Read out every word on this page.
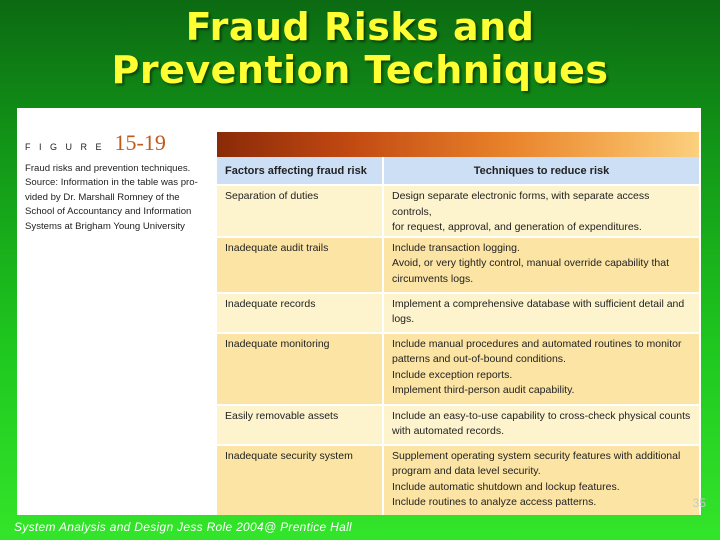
Fraud Risks and
Prevention Techniques
F I G U R E 15-19
Fraud risks and prevention techniques.
Source: Information in the table was pro-
vided by Dr. Marshall Romney of the
School of Accountancy and Information
Systems at Brigham Young University
Factors affecting fraud risk	Techniques to reduce risk
Separation of duties	Design separate electronic forms, with separate access controls,
for request, approval, and generation of expenditures.

Inadequate audit trails	Include transaction logging.
Avoid, or very tightly control, manual override capability that
circumvents logs.

Inadequate records	Implement a comprehensive database with sufficient detail and
logs.

Inadequate monitoring	Include manual procedures and automated routines to monitor
patterns and out-of-bound conditions.
Include exception reports.
Implement third-person audit capability.

Easily removable assets	Include an easy-to-use capability to cross-check physical counts
with automated records.

Inadequate security system	Supplement operating system security features with additional
program and data level security.
Include automatic shutdown and lockup features.
Include routines to analyze access patterns.	35
System Analysis and Design Jess Role 2004@ Prentice Hall
